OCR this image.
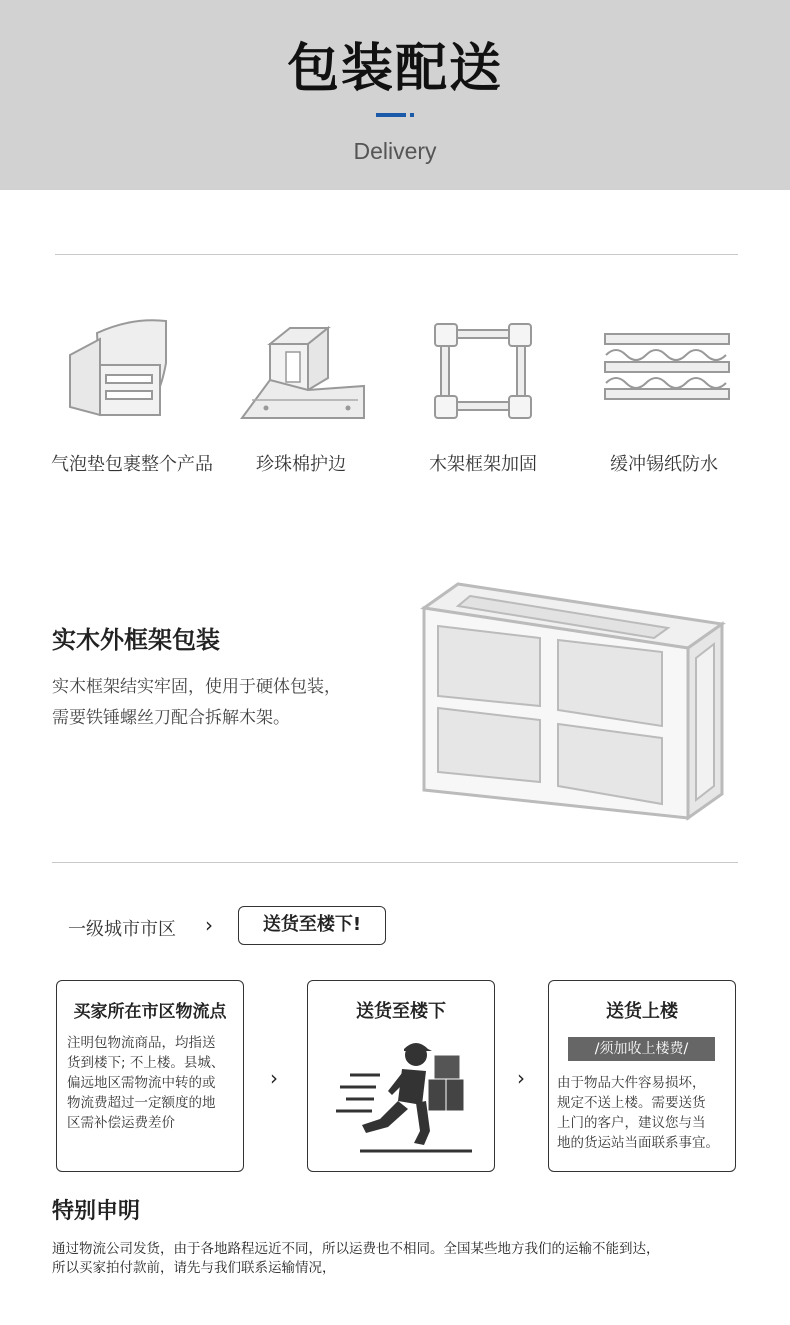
包装配送
Delivery
气泡垫包裹整个产品	珍珠棉护边	木架框架加固	缓冲锡纸防水
实木外框架包装
实木框架结实牢固，使用于硬体包装，
需要铁锤螺丝刀配合拆解木架。
一级城市市区 ›	送货至楼下!
买家所在市区物流点
注明包物流商品，均指送
货到楼下; 不上楼。县城、
偏远地区需物流中转的或
物流费超过一定额度的地
区需补偿运费差价
›
送货至楼下
›
送货上楼
由于物品大件容易损坏，
规定不送上楼。需要送货
上门的客户，建议您与当
地的货运站当面联系事宜。
/须加收上楼费/
特别申明
通过物流公司发货，由于各地路程远近不同，所以运费也不相同。全国某些地方我们的运输不能到达，
所以买家拍付款前，请先与我们联系运输情况，
